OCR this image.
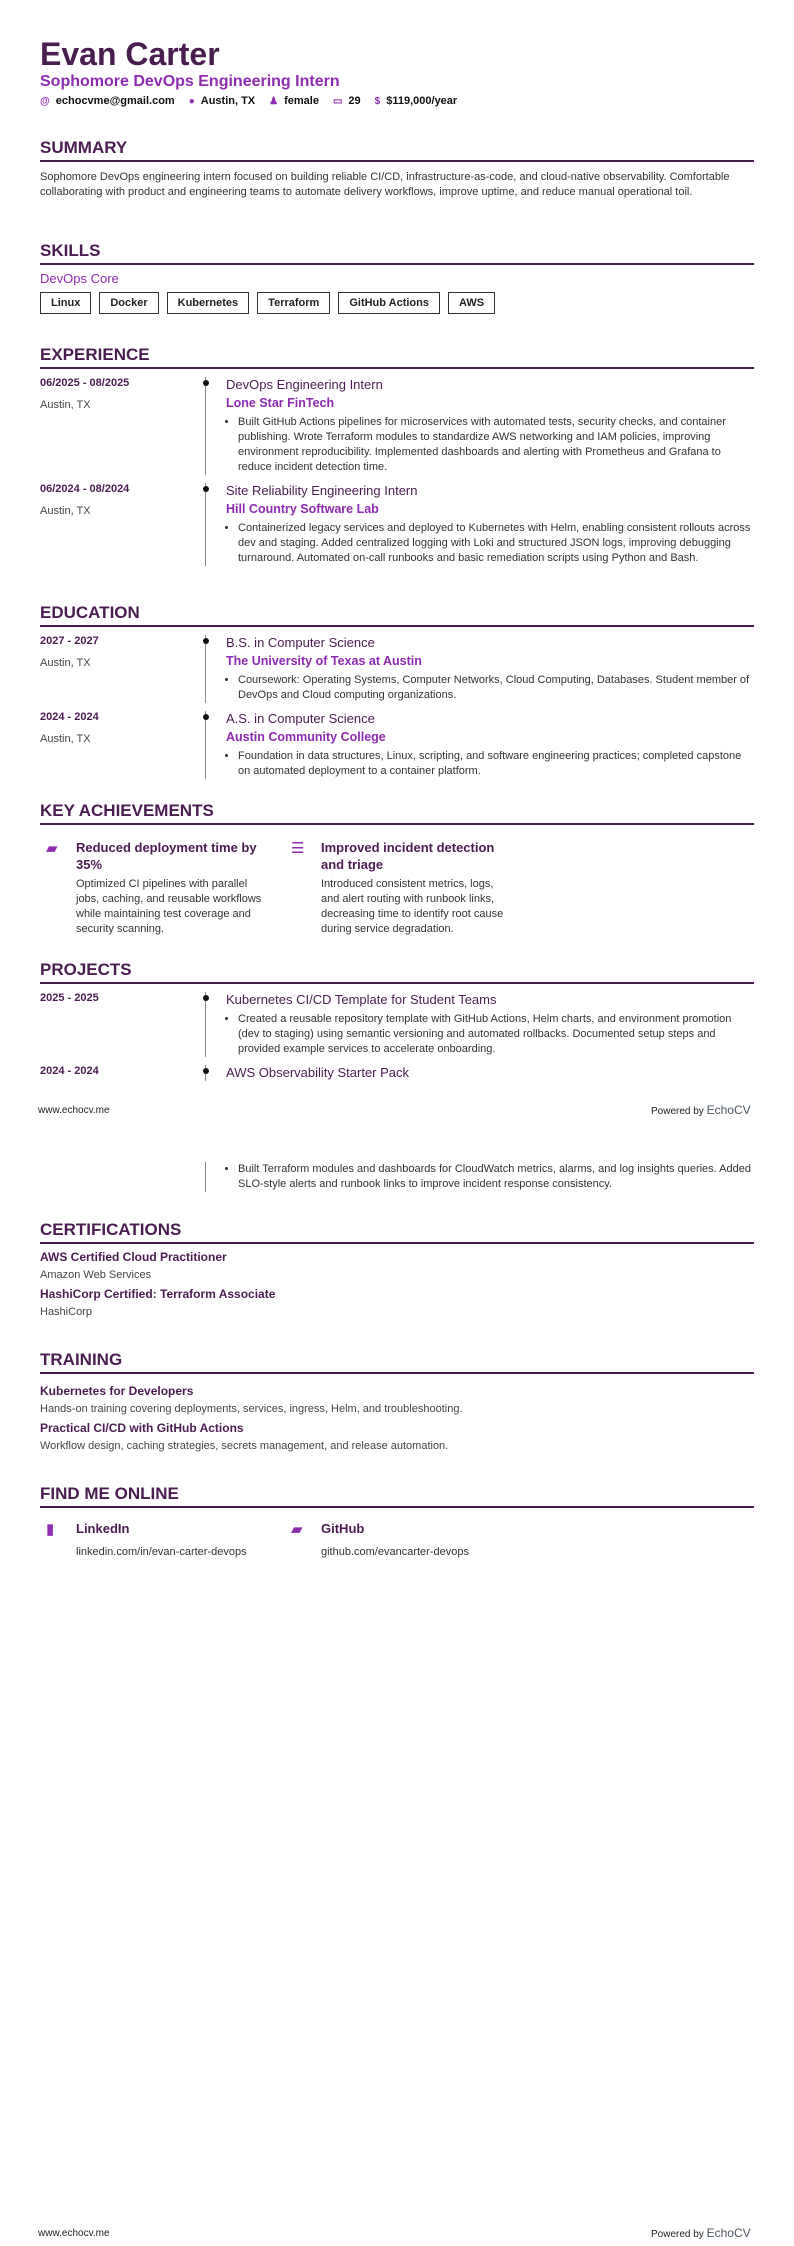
Evan Carter
Sophomore DevOps Engineering Intern
@ echocvme@gmail.com ● Austin, TX ♟ female ▭ 29 $ $119,000/year
SUMMARY

Sophomore DevOps engineering intern focused on building reliable CI/CD, infrastructure-as-code, and cloud-native observability. Comfortable collaborating with product and engineering teams to automate delivery workflows, improve uptime, and reduce manual operational toil.

SKILLS
DevOps Core
Linux	Docker	Kubernetes	Terraform	GitHub Actions	AWS
EXPERIENCE
06/2025 - 08/2025
Austin, TX
DevOps Engineering Intern
Lone Star FinTech
• Built GitHub Actions pipelines for microservices with automated tests, security checks, and container publishing. Wrote Terraform modules to standardize AWS networking and IAM policies, improving environment reproducibility. Implemented dashboards and alerting with Prometheus and Grafana to reduce incident detection time.
06/2024 - 08/2024
Austin, TX
Site Reliability Engineering Intern
Hill Country Software Lab
• Containerized legacy services and deployed to Kubernetes with Helm, enabling consistent rollouts across dev and staging. Added centralized logging with Loki and structured JSON logs, improving debugging turnaround. Automated on-call runbooks and basic remediation scripts using Python and Bash.
EDUCATION
2027 - 2027
Austin, TX
B.S. in Computer Science
The University of Texas at Austin
• Coursework: Operating Systems, Computer Networks, Cloud Computing, Databases. Student member of DevOps and Cloud computing organizations.
2024 - 2024
Austin, TX
A.S. in Computer Science
Austin Community College
• Foundation in data structures, Linux, scripting, and software engineering practices; completed capstone on automated deployment to a container platform.
KEY ACHIEVEMENTS
▰	Reduced deployment time by 35%
Optimized CI pipelines with parallel jobs, caching, and reusable workflows while maintaining test coverage and security scanning.
☰	Improved incident detection and triage
Introduced consistent metrics, logs, and alert routing with runbook links, decreasing time to identify root cause during service degradation.
PROJECTS
2025 - 2025	Kubernetes CI/CD Template for Student Teams
• Created a reusable repository template with GitHub Actions, Helm charts, and environment promotion (dev to staging) using semantic versioning and automated rollbacks. Documented setup steps and provided example services to accelerate onboarding.
2024 - 2024	AWS Observability Starter Pack
www.echocv.me	Powered by EchoCV
• Built Terraform modules and dashboards for CloudWatch metrics, alarms, and log insights queries. Added SLO-style alerts and runbook links to improve incident response consistency.
CERTIFICATIONS
AWS Certified Cloud Practitioner
Amazon Web Services
HashiCorp Certified: Terraform Associate
HashiCorp
TRAINING
Kubernetes for Developers
Hands-on training covering deployments, services, ingress, Helm, and troubleshooting.
Practical CI/CD with GitHub Actions
Workflow design, caching strategies, secrets management, and release automation.
FIND ME ONLINE
▮	LinkedIn
linkedin.com/in/evan-carter-devops
▰	GitHub
github.com/evancarter-devops
www.echocv.me	Powered by EchoCV
